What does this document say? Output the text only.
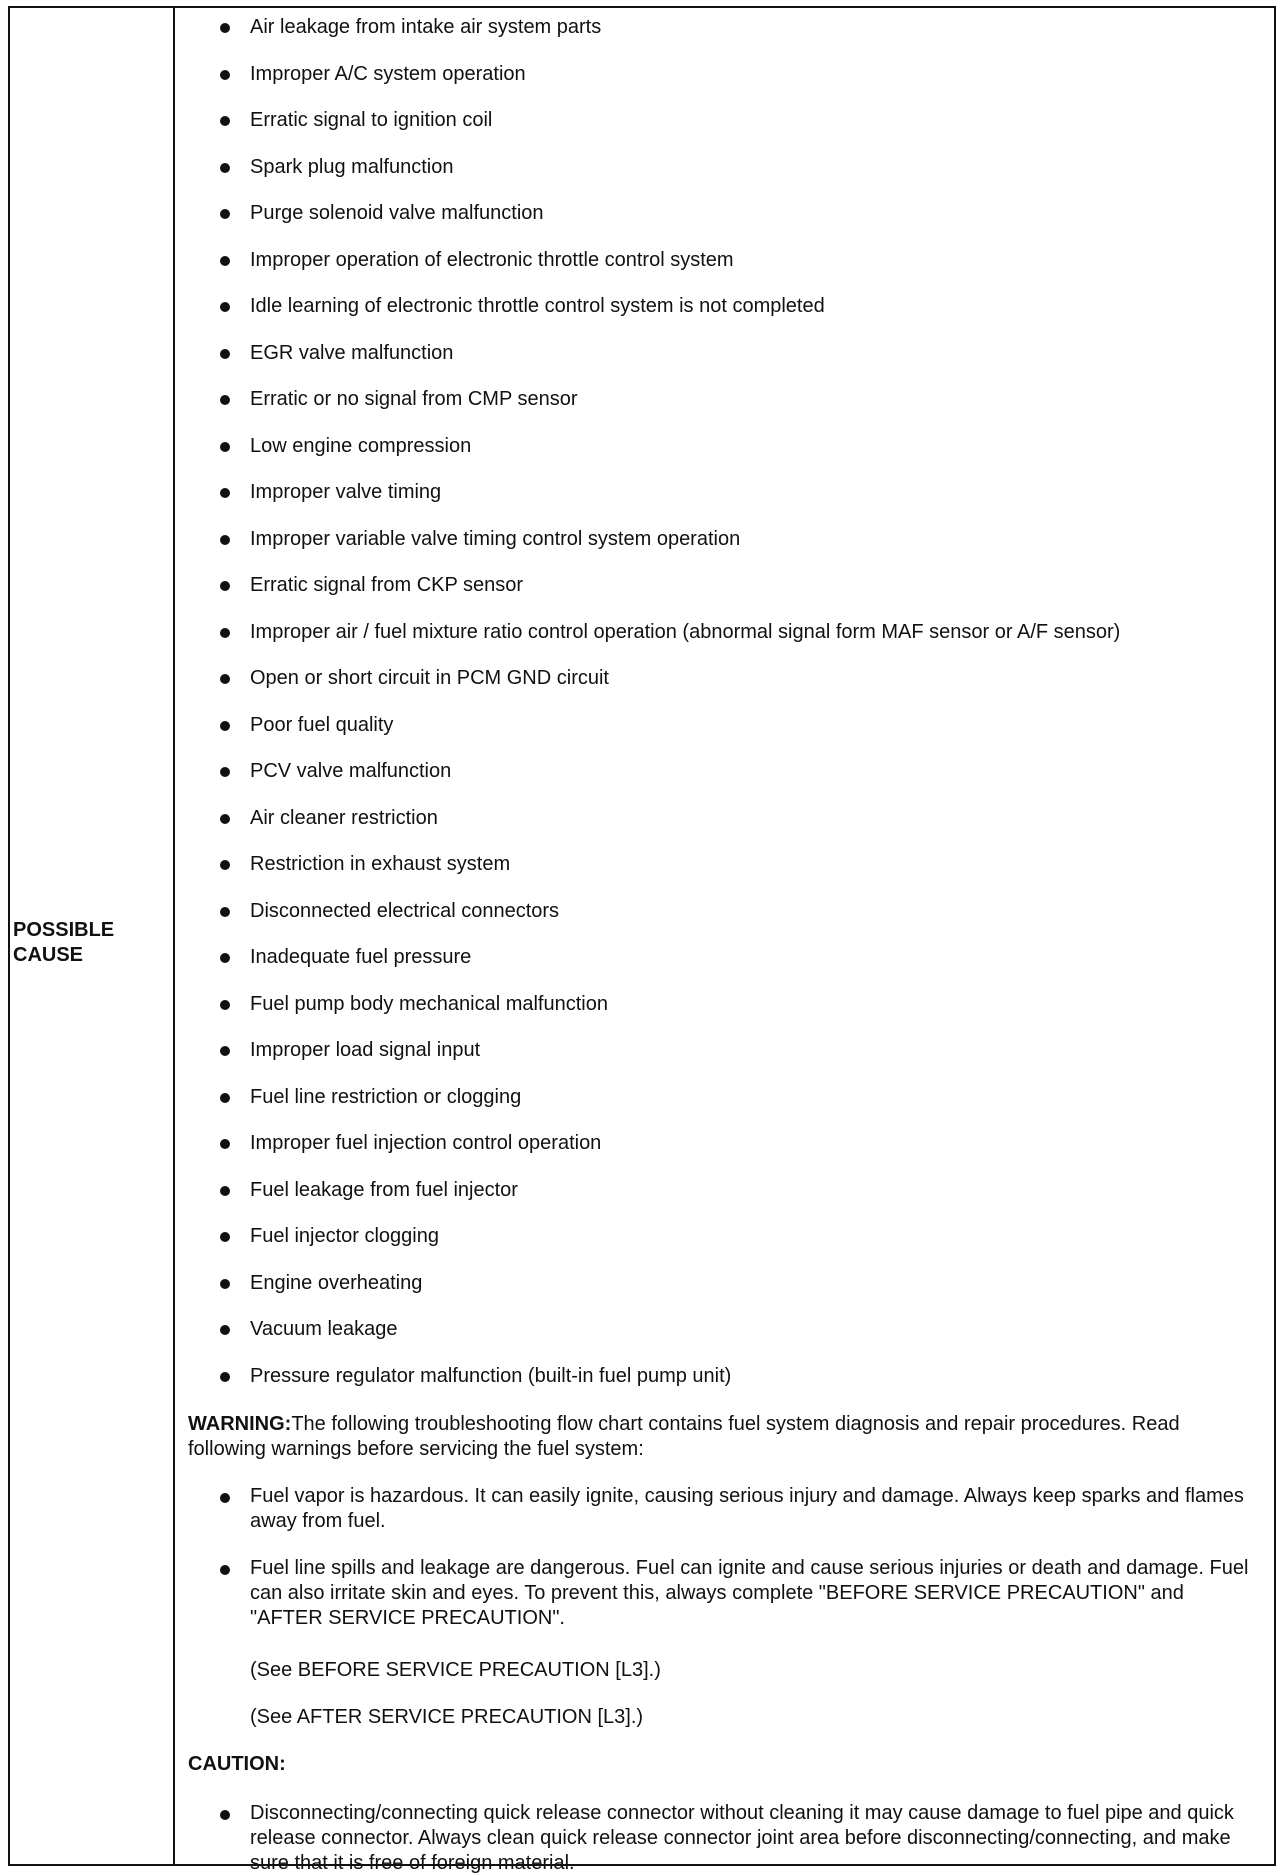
POSSIBLE
CAUSE
Air leakage from intake air system parts
Improper A/C system operation
Erratic signal to ignition coil
Spark plug malfunction
Purge solenoid valve malfunction
Improper operation of electronic throttle control system
Idle learning of electronic throttle control system is not completed
EGR valve malfunction
Erratic or no signal from CMP sensor
Low engine compression
Improper valve timing
Improper variable valve timing control system operation
Erratic signal from CKP sensor
Improper air / fuel mixture ratio control operation (abnormal signal form MAF sensor or A/F sensor)
Open or short circuit in PCM GND circuit
Poor fuel quality
PCV valve malfunction
Air cleaner restriction
Restriction in exhaust system
Disconnected electrical connectors
Inadequate fuel pressure
Fuel pump body mechanical malfunction
Improper load signal input
Fuel line restriction or clogging
Improper fuel injection control operation
Fuel leakage from fuel injector
Fuel injector clogging
Engine overheating
Vacuum leakage
Pressure regulator malfunction (built-in fuel pump unit)
WARNING:The following troubleshooting flow chart contains fuel system diagnosis and repair procedures. Read following warnings before servicing the fuel system:
Fuel vapor is hazardous. It can easily ignite, causing serious injury and damage. Always keep sparks and flames away from fuel.
Fuel line spills and leakage are dangerous. Fuel can ignite and cause serious injuries or death and damage. Fuel can also irritate skin and eyes. To prevent this, always complete "BEFORE SERVICE PRECAUTION" and "AFTER SERVICE PRECAUTION".
(See BEFORE SERVICE PRECAUTION [L3].)
(See AFTER SERVICE PRECAUTION [L3].)
CAUTION:
Disconnecting/connecting quick release connector without cleaning it may cause damage to fuel pipe and quick release connector. Always clean quick release connector joint area before disconnecting/connecting, and make sure that it is free of foreign material.
